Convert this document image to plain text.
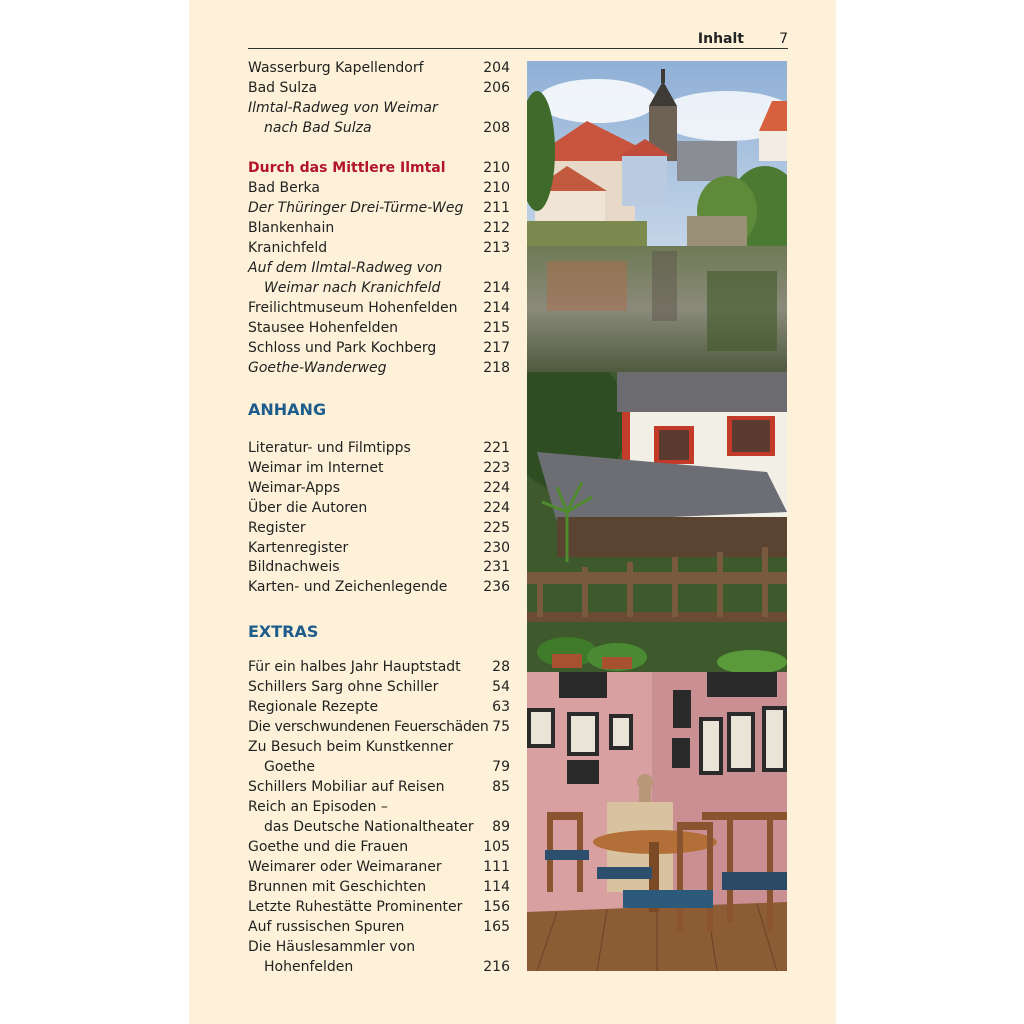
Inhalt	7
Wasserburg Kapellendorf	204
Bad Sulza	206
Ilmtal-Radweg von Weimar
nach Bad Sulza	208
Durch das Mittlere Ilmtal	210
Bad Berka	210
Der Thüringer Drei-Türme-Weg 211
Blankenhain	212
Kranichfeld	213
Auf dem Ilmtal-Radweg von
Weimar nach Kranichfeld	214
Freilichtmuseum Hohenfelden 214
Stausee Hohenfelden	215
Schloss und Park Kochberg	217
Goethe-Wanderweg	218
ANHANG
Literatur- und Filmtipps	221
Weimar im Internet	223
Weimar-Apps	224
Über die Autoren	224
Register	225
Kartenregister	230
Bildnachweis	231
Karten- und Zeichenlegende	236
EXTRAS
Für ein halbes Jahr Hauptstadt 28
Schillers Sarg ohne Schiller	54
Regionale Rezepte	63
Die verschwundenen Feuerschäden 75
Zu Besuch beim Kunstkenner
Goethe	79
Schillers Mobiliar auf Reisen	85
Reich an Episoden –
das Deutsche Nationaltheater 89
Goethe und die Frauen	105
Weimarer oder Weimaraner	111
Brunnen mit Geschichten	114
Letzte Ruhestätte Prominenter 156
Auf russischen Spuren	165
Die Häuslesammler von
Hohenfelden	216
